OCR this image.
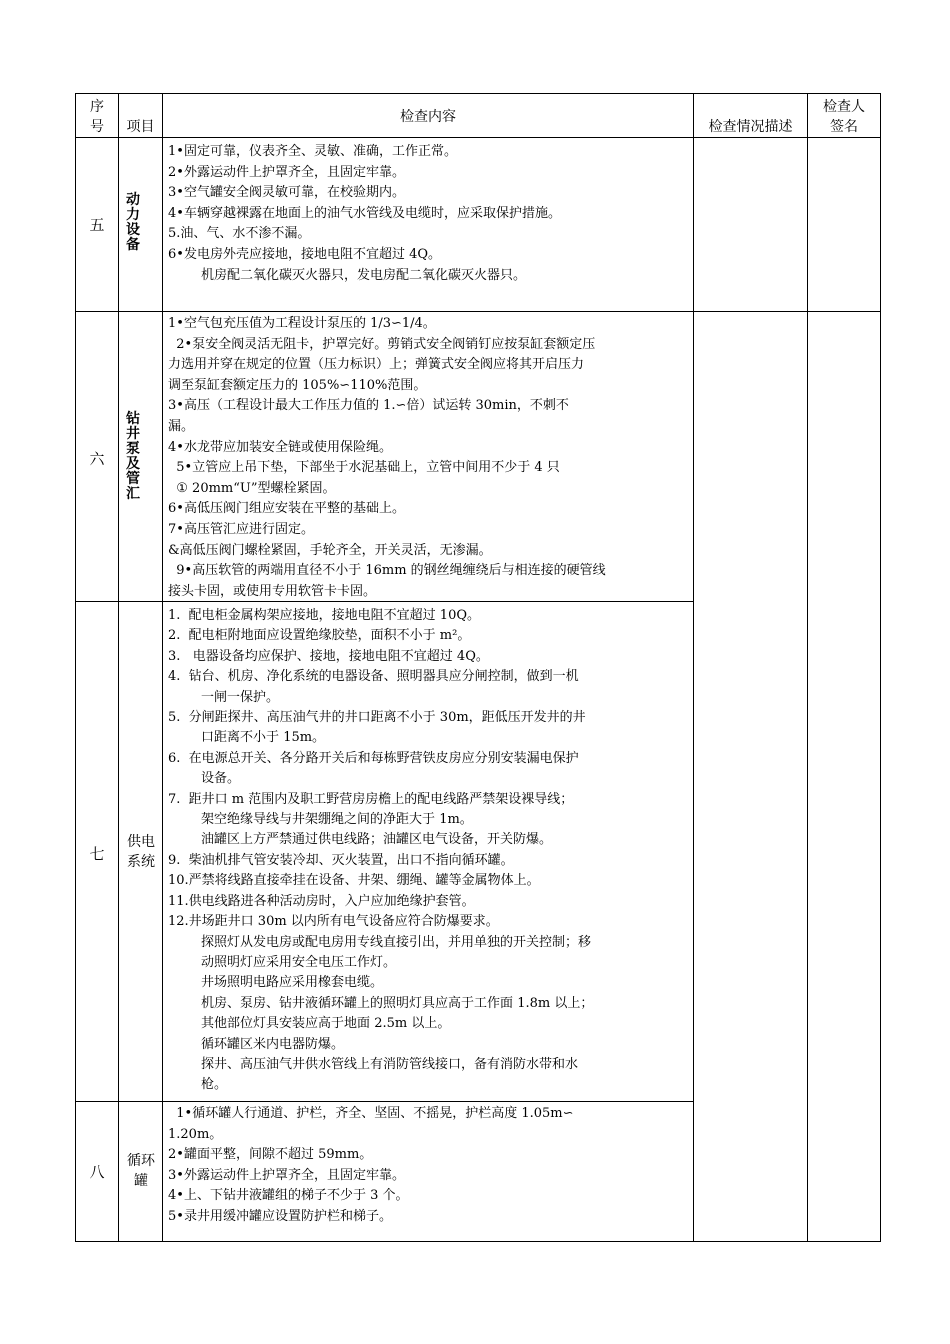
序
号	项目
检查内容
检查情况描述
检查人
签名
五
动力设备
1•固定可靠，仪表齐全、灵敏、准确，工作正常。
2•外露运动件上护罩齐全，且固定牢靠。
3•空气罐安全阀灵敏可靠，在校验期内。
4•车辆穿越裸露在地面上的油气水管线及电缆时，应采取保护措施。
5.油、气、水不渗不漏。
6•发电房外壳应接地，接地电阻不宜超过 4Q。
机房配二氧化碳灭火器只，发电房配二氧化碳灭火器只。
六
钻井泵及管汇
1•空气包充压值为工程设计泵压的 1/3∽1/4。
2•泵安全阀灵活无阻卡，护罩完好。剪销式安全阀销钉应按泵缸套额定压
力选用并穿在规定的位置（压力标识）上；弹簧式安全阀应将其开启压力
调至泵缸套额定压力的 105%∽110%范围。
3•高压（工程设计最大工作压力值的 1.∽倍）试运转 30min，不刺不
漏。
4•水龙带应加装安全链或使用保险绳。
5•立管应上吊下垫，下部坐于水泥基础上，立管中间用不少于 4 只
① 20mm“U”型螺栓紧固。
6•高低压阀门组应安装在平整的基础上。
7•高压管汇应进行固定。
&高低压阀门螺栓紧固，手轮齐全，开关灵活，无渗漏。
9•高压软管的两端用直径不小于 16mm 的钢丝绳缠绕后与相连接的硬管线
接头卡固，或使用专用软管卡卡固。
七
供电
系统
1.  配电柜金属构架应接地，接地电阻不宜超过 10Q。
2.  配电柜附地面应设置绝缘胶垫，面积不小于 m²。
3.   电器设备均应保护、接地，接地电阻不宜超过 4Q。
4.  钻台、机房、净化系统的电器设备、照明器具应分闸控制，做到一机
一闸一保护。
5.  分闸距探井、高压油气井的井口距离不小于 30m，距低压开发井的井
口距离不小于 15m。
6.  在电源总开关、各分路开关后和每栋野营铁皮房应分别安装漏电保护
设备。
7.  距井口 m 范围内及职工野营房房檐上的配电线路严禁架设裸导线；
架空绝缘导线与井架绷绳之间的净距大于 1m。
油罐区上方严禁通过供电线路；油罐区电气设备，开关防爆。
9.  柴油机排气管安装冷却、灭火装置，出口不指向循环罐。
10.严禁将线路直接牵挂在设备、井架、绷绳、罐等金属物体上。
11.供电线路进各种活动房时，入户应加绝缘护套管。
12.井场距井口 30m 以内所有电气设备应符合防爆要求。
探照灯从发电房或配电房用专线直接引出，并用单独的开关控制；移
动照明灯应采用安全电压工作灯。
井场照明电路应采用橡套电缆。
机房、泵房、钻井液循环罐上的照明灯具应高于工作面 1.8m 以上；
其他部位灯具安装应高于地面 2.5m 以上。
循环罐区米内电器防爆。
探井、高压油气井供水管线上有消防管线接口，备有消防水带和水
枪。
八
循环
罐
1•循环罐人行通道、护栏，齐全、坚固、不摇晃，护栏高度 1.05m∽
1.20m。
2•罐面平整，间隙不超过 59mm。
3•外露运动件上护罩齐全，且固定牢靠。
4•上、下钻井液罐组的梯子不少于 3 个。
5•录井用缓冲罐应设置防护栏和梯子。
